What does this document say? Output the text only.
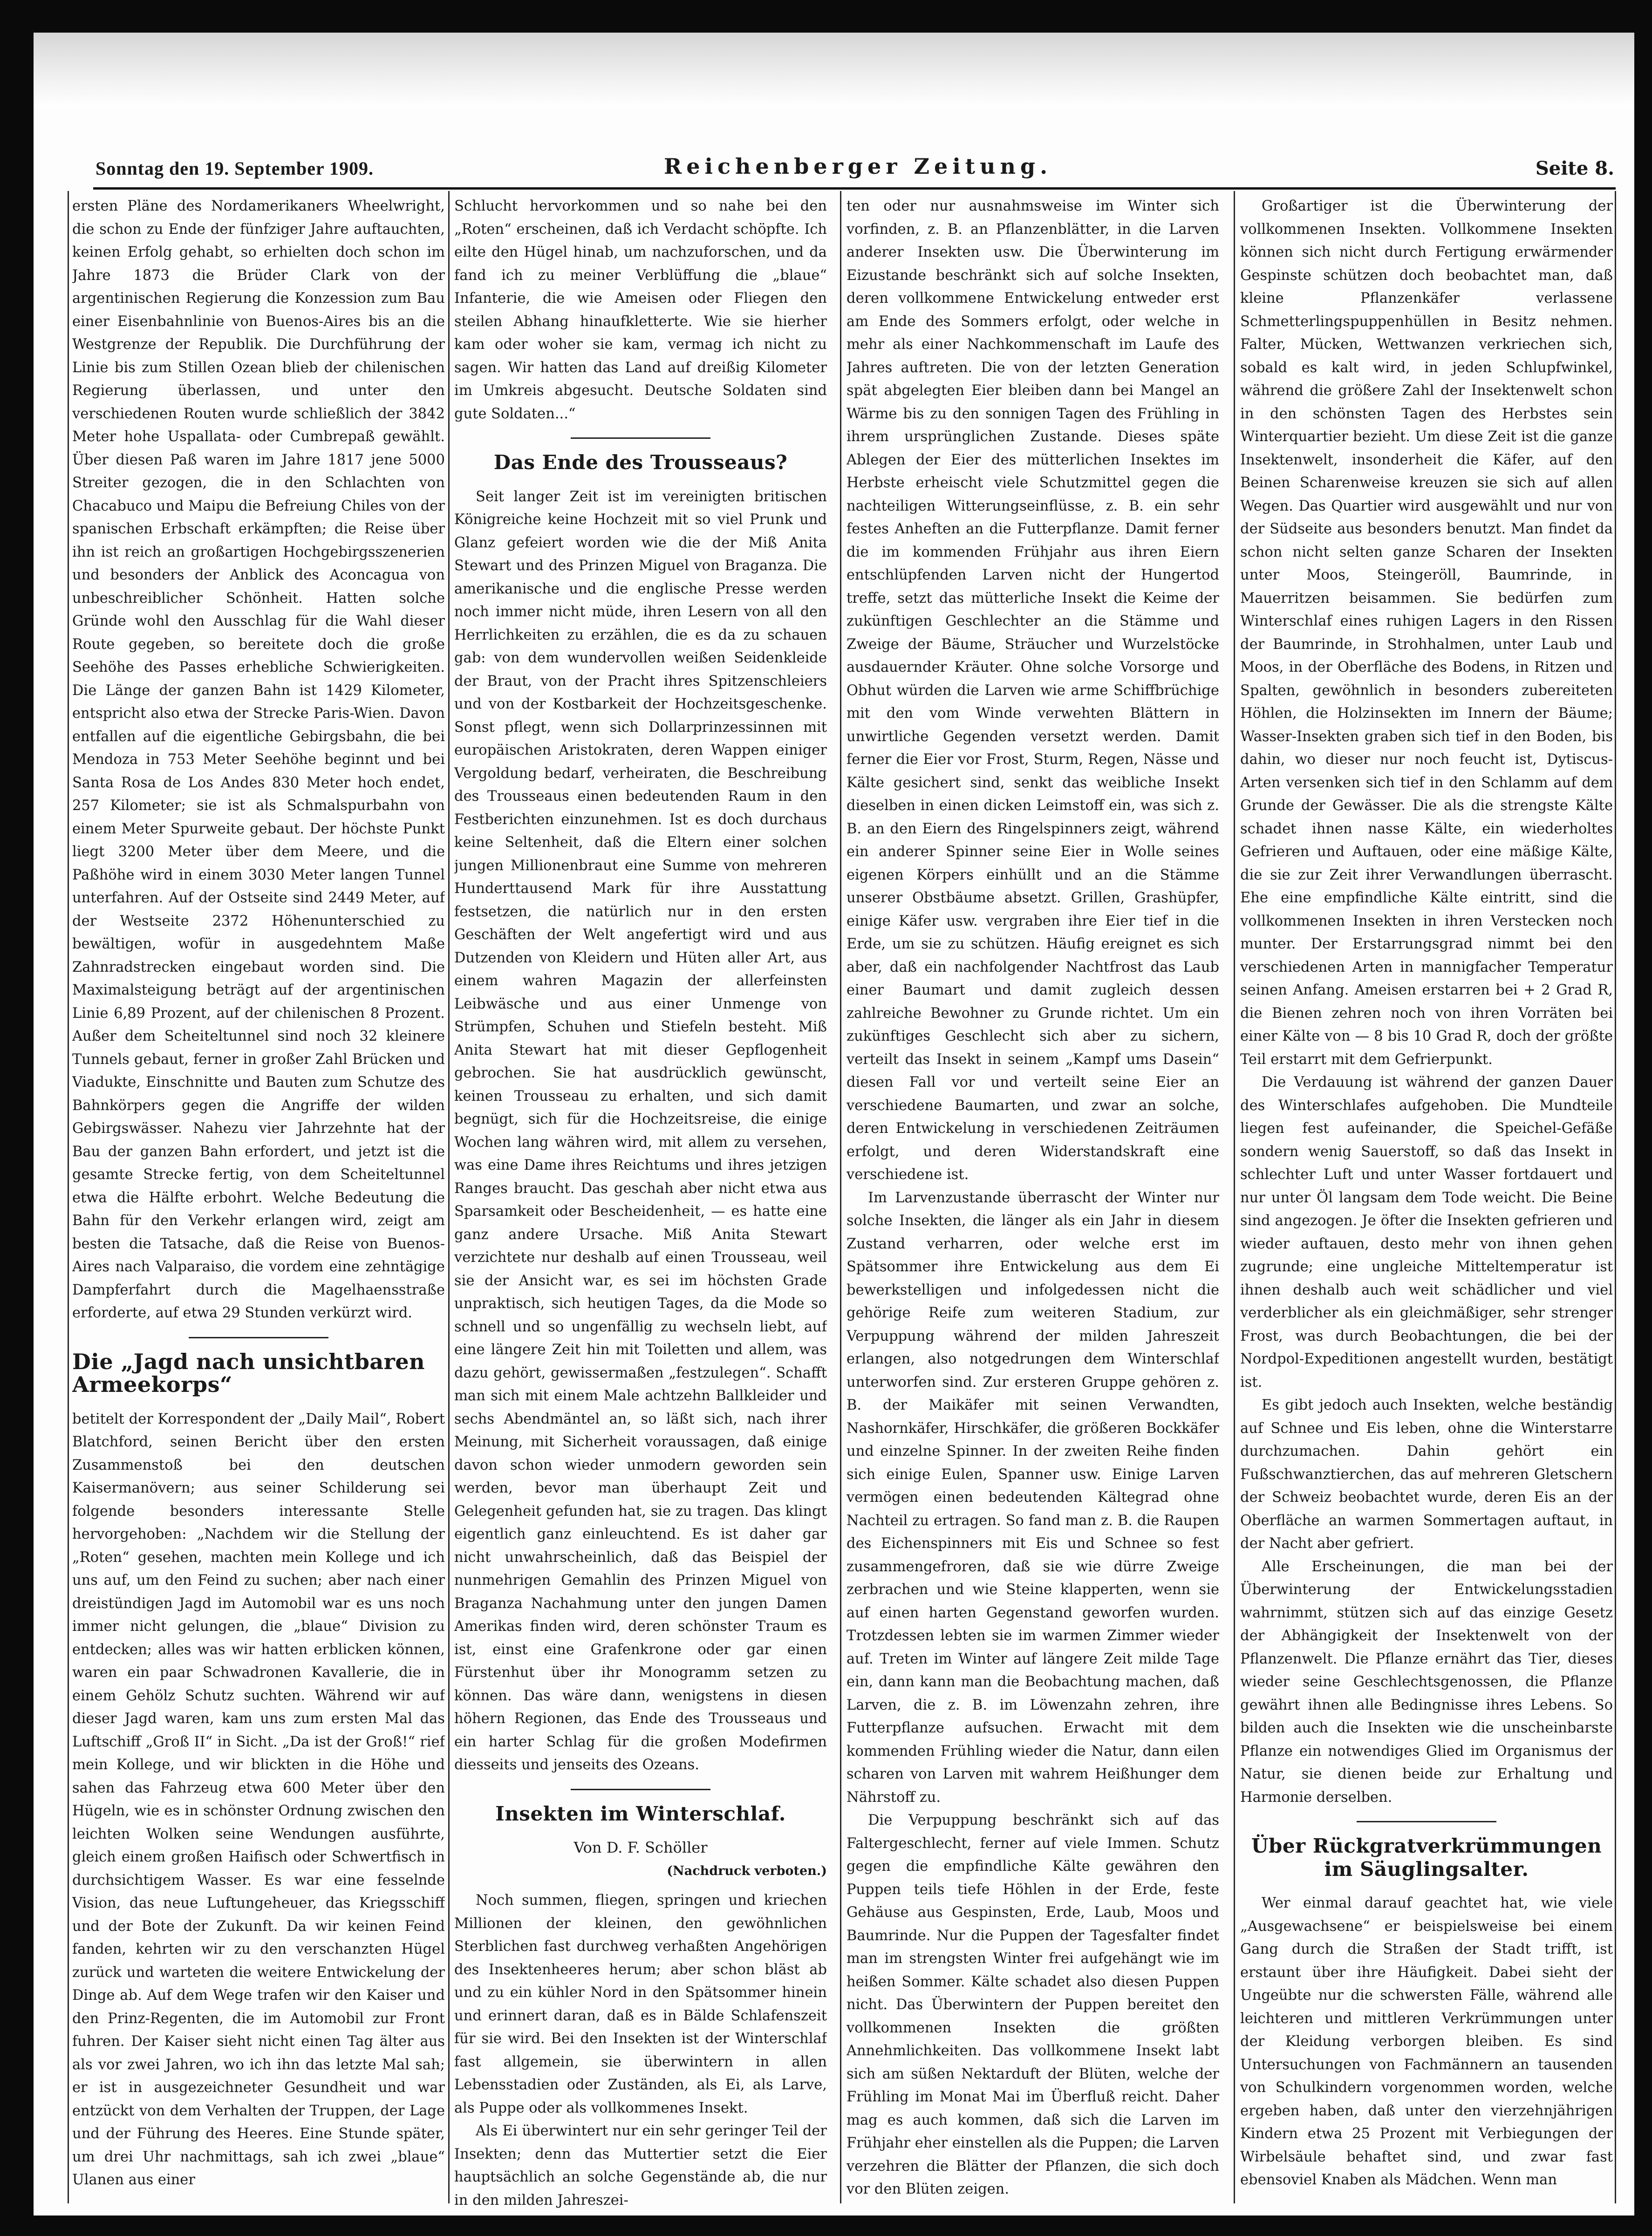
Sonntag den 19. September 1909.	Reichenberger Zeitung.	Seite 8.

ersten Pläne des Nordamerikaners Wheelwright, die schon zu Ende der fünfziger Jahre auftauchten, keinen Erfolg gehabt, so erhielten doch schon im Jahre 1873 die Brüder Clark von der argentinischen Regierung die Konzession zum Bau einer Eisenbahnlinie von Buenos-Aires bis an die Westgrenze der Republik. Die Durchführung der Linie bis zum Stillen Ozean blieb der chilenischen Regierung überlassen, und unter den verschiedenen Routen wurde schließlich der 3842 Meter hohe Uspallata- oder Cumbrepaß gewählt. Über diesen Paß waren im Jahre 1817 jene 5000 Streiter gezogen, die in den Schlachten von Chacabuco und Maipu die Befreiung Chiles von der spanischen Erbschaft erkämpften; die Reise über ihn ist reich an großartigen Hochgebirgsszenerien und besonders der Anblick des Aconcagua von unbeschreiblicher Schönheit. Hatten solche Gründe wohl den Ausschlag für die Wahl dieser Route gegeben, so bereitete doch die große Seehöhe des Passes erhebliche Schwierigkeiten. Die Länge der ganzen Bahn ist 1429 Kilometer, entspricht also etwa der Strecke Paris-Wien. Davon entfallen auf die eigentliche Gebirgsbahn, die bei Mendoza in 753 Meter Seehöhe beginnt und bei Santa Rosa de Los Andes 830 Meter hoch endet, 257 Kilometer; sie ist als Schmalspurbahn von einem Meter Spurweite gebaut. Der höchste Punkt liegt 3200 Meter über dem Meere, und die Paßhöhe wird in einem 3030 Meter langen Tunnel unterfahren. Auf der Ostseite sind 2449 Meter, auf der Westseite 2372 Höhenunterschied zu bewältigen, wofür in ausgedehntem Maße Zahnradstrecken eingebaut worden sind. Die Maximalsteigung beträgt auf der argentinischen Linie 6,89 Prozent, auf der chilenischen 8 Prozent. Außer dem Scheiteltunnel sind noch 32 kleinere Tunnels gebaut, ferner in großer Zahl Brücken und Viadukte, Einschnitte und Bauten zum Schutze des Bahnkörpers gegen die Angriffe der wilden Gebirgswässer. Nahezu vier Jahrzehnte hat der Bau der ganzen Bahn erfordert, und jetzt ist die gesamte Strecke fertig, von dem Scheiteltunnel etwa die Hälfte erbohrt. Welche Bedeutung die Bahn für den Verkehr erlangen wird, zeigt am besten die Tatsache, daß die Reise von Buenos-Aires nach Valparaiso, die vordem eine zehntägige Dampferfahrt durch die Magelhaensstraße erforderte, auf etwa 29 Stunden verkürzt wird.

Die „Jagd nach unsichtbaren Armeekorps“

betitelt der Korrespondent der „Daily Mail“, Robert Blatchford, seinen Bericht über den ersten Zusammenstoß bei den deutschen Kaisermanövern; aus seiner Schilderung sei folgende besonders interessante Stelle hervorgehoben: „Nachdem wir die Stellung der „Roten“ gesehen, machten mein Kollege und ich uns auf, um den Feind zu suchen; aber nach einer dreistündigen Jagd im Automobil war es uns noch immer nicht gelungen, die „blaue“ Division zu entdecken; alles was wir hatten erblicken können, waren ein paar Schwadronen Kavallerie, die in einem Gehölz Schutz suchten. Während wir auf dieser Jagd waren, kam uns zum ersten Mal das Luftschiff „Groß II“ in Sicht. „Da ist der Groß!“ rief mein Kollege, und wir blickten in die Höhe und sahen das Fahrzeug etwa 600 Meter über den Hügeln, wie es in schönster Ordnung zwischen den leichten Wolken seine Wendungen ausführte, gleich einem großen Haifisch oder Schwertfisch in durchsichtigem Wasser. Es war eine fesselnde Vision, das neue Luftungeheuer, das Kriegsschiff und der Bote der Zukunft. Da wir keinen Feind fanden, kehrten wir zu den verschanzten Hügel zurück und warteten die weitere Entwickelung der Dinge ab. Auf dem Wege trafen wir den Kaiser und den Prinz-Regenten, die im Automobil zur Front fuhren. Der Kaiser sieht nicht einen Tag älter aus als vor zwei Jahren, wo ich ihn das letzte Mal sah; er ist in ausgezeichneter Gesundheit und war entzückt von dem Verhalten der Truppen, der Lage und der Führung des Heeres. Eine Stunde später, um drei Uhr nachmittags, sah ich zwei „blaue“ Ulanen aus einer

Schlucht hervorkommen und so nahe bei den „Roten“ erscheinen, daß ich Verdacht schöpfte. Ich eilte den Hügel hinab, um nachzuforschen, und da fand ich zu meiner Verblüffung die „blaue“ Infanterie, die wie Ameisen oder Fliegen den steilen Abhang hinaufkletterte. Wie sie hierher kam oder woher sie kam, vermag ich nicht zu sagen. Wir hatten das Land auf dreißig Kilometer im Umkreis abgesucht. Deutsche Soldaten sind gute Soldaten...“

Das Ende des Trousseaus?

Seit langer Zeit ist im vereinigten britischen Königreiche keine Hochzeit mit so viel Prunk und Glanz gefeiert worden wie die der Miß Anita Stewart und des Prinzen Miguel von Braganza. Die amerikanische und die englische Presse werden noch immer nicht müde, ihren Lesern von all den Herrlichkeiten zu erzählen, die es da zu schauen gab: von dem wundervollen weißen Seidenkleide der Braut, von der Pracht ihres Spitzenschleiers und von der Kostbarkeit der Hochzeitsgeschenke. Sonst pflegt, wenn sich Dollarprinzessinnen mit europäischen Aristokraten, deren Wappen einiger Vergoldung bedarf, verheiraten, die Beschreibung des Trousseaus einen bedeutenden Raum in den Festberichten einzunehmen. Ist es doch durchaus keine Seltenheit, daß die Eltern einer solchen jungen Millionenbraut eine Summe von mehreren Hunderttausend Mark für ihre Ausstattung festsetzen, die natürlich nur in den ersten Geschäften der Welt angefertigt wird und aus Dutzenden von Kleidern und Hüten aller Art, aus einem wahren Magazin der allerfeinsten Leibwäsche und aus einer Unmenge von Strümpfen, Schuhen und Stiefeln besteht. Miß Anita Stewart hat mit dieser Gepflogenheit gebrochen. Sie hat ausdrücklich gewünscht, keinen Trousseau zu erhalten, und sich damit begnügt, sich für die Hochzeitsreise, die einige Wochen lang währen wird, mit allem zu versehen, was eine Dame ihres Reichtums und ihres jetzigen Ranges braucht. Das geschah aber nicht etwa aus Sparsamkeit oder Bescheidenheit, — es hatte eine ganz andere Ursache. Miß Anita Stewart verzichtete nur deshalb auf einen Trousseau, weil sie der Ansicht war, es sei im höchsten Grade unpraktisch, sich heutigen Tages, da die Mode so schnell und so ungenfällig zu wechseln liebt, auf eine längere Zeit hin mit Toiletten und allem, was dazu gehört, gewissermaßen „festzulegen“. Schafft man sich mit einem Male achtzehn Ballkleider und sechs Abendmäntel an, so läßt sich, nach ihrer Meinung, mit Sicherheit voraussagen, daß einige davon schon wieder unmodern geworden sein werden, bevor man überhaupt Zeit und Gelegenheit gefunden hat, sie zu tragen. Das klingt eigentlich ganz einleuchtend. Es ist daher gar nicht unwahrscheinlich, daß das Beispiel der nunmehrigen Gemahlin des Prinzen Miguel von Braganza Nachahmung unter den jungen Damen Amerikas finden wird, deren schönster Traum es ist, einst eine Grafenkrone oder gar einen Fürstenhut über ihr Monogramm setzen zu können. Das wäre dann, wenigstens in diesen höhern Regionen, das Ende des Trousseaus und ein harter Schlag für die großen Modefirmen diesseits und jenseits des Ozeans.

Insekten im Winterschlaf.

Von D. F. Schöller

(Nachdruck verboten.)

Noch summen, fliegen, springen und kriechen Millionen der kleinen, den gewöhnlichen Sterblichen fast durchweg verhaßten Angehörigen des Insektenheeres herum; aber schon bläst ab und zu ein kühler Nord in den Spätsommer hinein und erinnert daran, daß es in Bälde Schlafenszeit für sie wird. Bei den Insekten ist der Winterschlaf fast allgemein, sie überwintern in allen Lebensstadien oder Zuständen, als Ei, als Larve, als Puppe oder als vollkommenes Insekt.

Als Ei überwintert nur ein sehr geringer Teil der Insekten; denn das Muttertier setzt die Eier hauptsächlich an solche Gegenstände ab, die nur in den milden Jahreszei-

ten oder nur ausnahmsweise im Winter sich vorfinden, z. B. an Pflanzenblätter, in die Larven anderer Insekten usw. Die Überwinterung im Eizustande beschränkt sich auf solche Insekten, deren vollkommene Entwickelung entweder erst am Ende des Sommers erfolgt, oder welche in mehr als einer Nachkommenschaft im Laufe des Jahres auftreten. Die von der letzten Generation spät abgelegten Eier bleiben dann bei Mangel an Wärme bis zu den sonnigen Tagen des Frühling in ihrem ursprünglichen Zustande. Dieses späte Ablegen der Eier des mütterlichen Insektes im Herbste erheischt viele Schutzmittel gegen die nachteiligen Witterungseinflüsse, z. B. ein sehr festes Anheften an die Futterpflanze. Damit ferner die im kommenden Frühjahr aus ihren Eiern entschlüpfenden Larven nicht der Hungertod treffe, setzt das mütterliche Insekt die Keime der zukünftigen Geschlechter an die Stämme und Zweige der Bäume, Sträucher und Wurzelstöcke ausdauernder Kräuter. Ohne solche Vorsorge und Obhut würden die Larven wie arme Schiffbrüchige mit den vom Winde verwehten Blättern in unwirtliche Gegenden versetzt werden. Damit ferner die Eier vor Frost, Sturm, Regen, Nässe und Kälte gesichert sind, senkt das weibliche Insekt dieselben in einen dicken Leimstoff ein, was sich z. B. an den Eiern des Ringelspinners zeigt, während ein anderer Spinner seine Eier in Wolle seines eigenen Körpers einhüllt und an die Stämme unserer Obstbäume absetzt. Grillen, Grashüpfer, einige Käfer usw. vergraben ihre Eier tief in die Erde, um sie zu schützen. Häufig ereignet es sich aber, daß ein nachfolgender Nachtfrost das Laub einer Baumart und damit zugleich dessen zahlreiche Bewohner zu Grunde richtet. Um ein zukünftiges Geschlecht sich aber zu sichern, verteilt das Insekt in seinem „Kampf ums Dasein“ diesen Fall vor und verteilt seine Eier an verschiedene Baumarten, und zwar an solche, deren Entwickelung in verschiedenen Zeiträumen erfolgt, und deren Widerstandskraft eine verschiedene ist.

Im Larvenzustande überrascht der Winter nur solche Insekten, die länger als ein Jahr in diesem Zustand verharren, oder welche erst im Spätsommer ihre Entwickelung aus dem Ei bewerkstelligen und infolgedessen nicht die gehörige Reife zum weiteren Stadium, zur Verpuppung während der milden Jahreszeit erlangen, also notgedrungen dem Winterschlaf unterworfen sind. Zur ersteren Gruppe gehören z. B. der Maikäfer mit seinen Verwandten, Nashornkäfer, Hirschkäfer, die größeren Bockkäfer und einzelne Spinner. In der zweiten Reihe finden sich einige Eulen, Spanner usw. Einige Larven vermögen einen bedeutenden Kältegrad ohne Nachteil zu ertragen. So fand man z. B. die Raupen des Eichenspinners mit Eis und Schnee so fest zusammengefroren, daß sie wie dürre Zweige zerbrachen und wie Steine klapperten, wenn sie auf einen harten Gegenstand geworfen wurden. Trotzdessen lebten sie im warmen Zimmer wieder auf. Treten im Winter auf längere Zeit milde Tage ein, dann kann man die Beobachtung machen, daß Larven, die z. B. im Löwenzahn zehren, ihre Futterpflanze aufsuchen. Erwacht mit dem kommenden Frühling wieder die Natur, dann eilen scharen von Larven mit wahrem Heißhunger dem Nährstoff zu.

Die Verpuppung beschränkt sich auf das Faltergeschlecht, ferner auf viele Immen. Schutz gegen die empfindliche Kälte gewähren den Puppen teils tiefe Höhlen in der Erde, feste Gehäuse aus Gespinsten, Erde, Laub, Moos und Baumrinde. Nur die Puppen der Tagesfalter findet man im strengsten Winter frei aufgehängt wie im heißen Sommer. Kälte schadet also diesen Puppen nicht. Das Überwintern der Puppen bereitet den vollkommenen Insekten die größten Annehmlichkeiten. Das vollkommene Insekt labt sich am süßen Nektarduft der Blüten, welche der Frühling im Monat Mai im Überfluß reicht. Daher mag es auch kommen, daß sich die Larven im Frühjahr eher einstellen als die Puppen; die Larven verzehren die Blätter der Pflanzen, die sich doch vor den Blüten zeigen.

Großartiger ist die Überwinterung der vollkommenen Insekten. Vollkommene Insekten können sich nicht durch Fertigung erwärmender Gespinste schützen doch beobachtet man, daß kleine Pflanzenkäfer verlassene Schmetterlingspuppenhüllen in Besitz nehmen. Falter, Mücken, Wettwanzen verkriechen sich, sobald es kalt wird, in jeden Schlupfwinkel, während die größere Zahl der Insektenwelt schon in den schönsten Tagen des Herbstes sein Winterquartier bezieht. Um diese Zeit ist die ganze Insektenwelt, insonderheit die Käfer, auf den Beinen Scharenweise kreuzen sie sich auf allen Wegen. Das Quartier wird ausgewählt und nur von der Südseite aus besonders benutzt. Man findet da schon nicht selten ganze Scharen der Insekten unter Moos, Steingeröll, Baumrinde, in Mauerritzen beisammen. Sie bedürfen zum Winterschlaf eines ruhigen Lagers in den Rissen der Baumrinde, in Strohhalmen, unter Laub und Moos, in der Oberfläche des Bodens, in Ritzen und Spalten, gewöhnlich in besonders zubereiteten Höhlen, die Holzinsekten im Innern der Bäume; Wasser-Insekten graben sich tief in den Boden, bis dahin, wo dieser nur noch feucht ist, Dytiscus-Arten versenken sich tief in den Schlamm auf dem Grunde der Gewässer. Die als die strengste Kälte schadet ihnen nasse Kälte, ein wiederholtes Gefrieren und Auftauen, oder eine mäßige Kälte, die sie zur Zeit ihrer Verwandlungen überrascht. Ehe eine empfindliche Kälte eintritt, sind die vollkommenen Insekten in ihren Verstecken noch munter. Der Erstarrungsgrad nimmt bei den verschiedenen Arten in mannigfacher Temperatur seinen Anfang. Ameisen erstarren bei + 2 Grad R, die Bienen zehren noch von ihren Vorräten bei einer Kälte von — 8 bis 10 Grad R, doch der größte Teil erstarrt mit dem Gefrierpunkt.

Die Verdauung ist während der ganzen Dauer des Winterschlafes aufgehoben. Die Mundteile liegen fest aufeinander, die Speichel-Gefäße sondern wenig Sauerstoff, so daß das Insekt in schlechter Luft und unter Wasser fortdauert und nur unter Öl langsam dem Tode weicht. Die Beine sind angezogen. Je öfter die Insekten gefrieren und wieder auftauen, desto mehr von ihnen gehen zugrunde; eine ungleiche Mitteltemperatur ist ihnen deshalb auch weit schädlicher und viel verderblicher als ein gleichmäßiger, sehr strenger Frost, was durch Beobachtungen, die bei der Nordpol-Expeditionen angestellt wurden, bestätigt ist.

Es gibt jedoch auch Insekten, welche beständig auf Schnee und Eis leben, ohne die Winterstarre durchzumachen. Dahin gehört ein Fußschwanztierchen, das auf mehreren Gletschern der Schweiz beobachtet wurde, deren Eis an der Oberfläche an warmen Sommertagen auftaut, in der Nacht aber gefriert.

Alle Erscheinungen, die man bei der Überwinterung der Entwickelungsstadien wahrnimmt, stützen sich auf das einzige Gesetz der Abhängigkeit der Insektenwelt von der Pflanzenwelt. Die Pflanze ernährt das Tier, dieses wieder seine Geschlechtsgenossen, die Pflanze gewährt ihnen alle Bedingnisse ihres Lebens. So bilden auch die Insekten wie die unscheinbarste Pflanze ein notwendiges Glied im Organismus der Natur, sie dienen beide zur Erhaltung und Harmonie derselben.

Über Rückgratverkrümmungen im Säuglingsalter.

Wer einmal darauf geachtet hat, wie viele „Ausgewachsene“ er beispielsweise bei einem Gang durch die Straßen der Stadt trifft, ist erstaunt über ihre Häufigkeit. Dabei sieht der Ungeübte nur die schwersten Fälle, während alle leichteren und mittleren Verkrümmungen unter der Kleidung verborgen bleiben. Es sind Untersuchungen von Fachmännern an tausenden von Schulkindern vorgenommen worden, welche ergeben haben, daß unter den vierzehnjährigen Kindern etwa 25 Prozent mit Verbiegungen der Wirbelsäule behaftet sind, und zwar fast ebensoviel Knaben als Mädchen. Wenn man
